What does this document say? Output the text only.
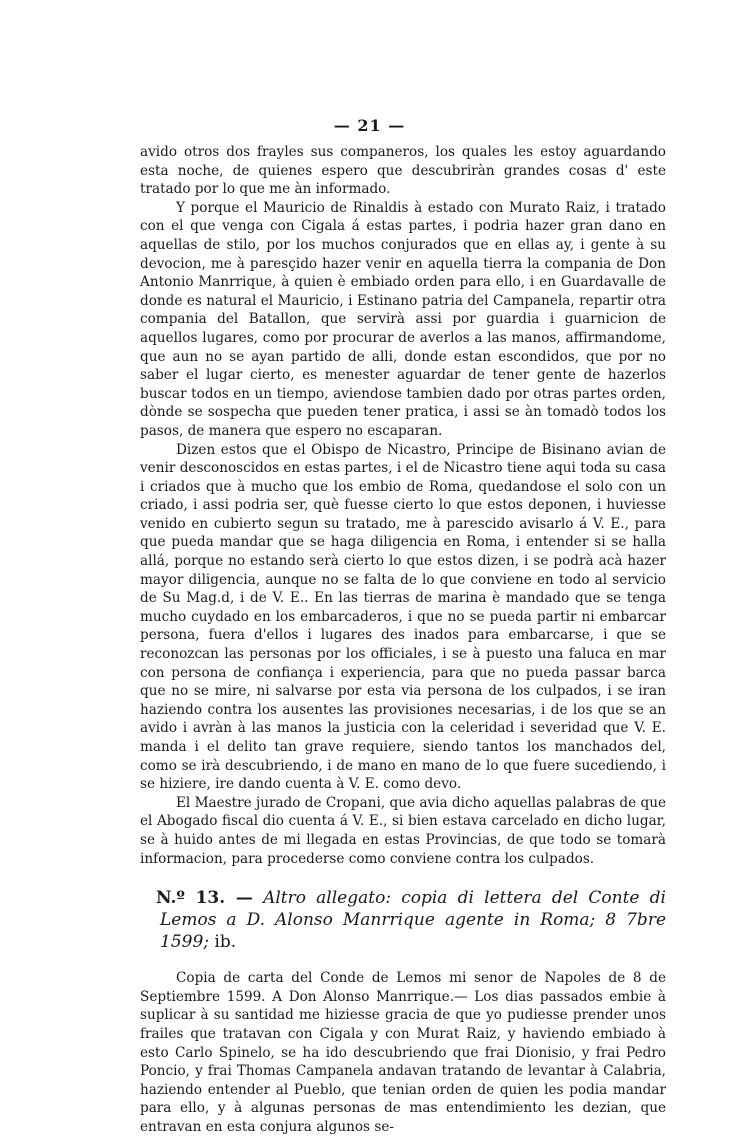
— 21 —

avido otros dos frayles sus companeros, los quales les estoy aguardando esta noche, de quienes espero que descubriràn grandes cosas d' este tratado por lo que me àn informado.

Y porque el Mauricio de Rinaldis à estado con Murato Raiz, i tratado con el que venga con Cigala á estas partes, i podria hazer gran dano en aquellas de stilo, por los muchos conjurados que en ellas ay, i gente à su devocion, me à paresçido hazer venir en aquella tierra la compania de Don Antonio Manrrique, à quien è embiado orden para ello, i en Guardavalle de donde es natural el Mauricio, i Estinano patria del Campanela, repartir otra compania del Batallon, que servirà assi por guardia i guarnicion de aquellos lugares, como por procurar de averlos a las manos, affirmandome, que aun no se ayan partido de alli, donde estan escondidos, que por no saber el lugar cierto, es menester aguardar de tener gente de hazerlos buscar todos en un tiempo, aviendose tambien dado por otras partes orden, dònde se sospecha que pueden tener pratica, i assi se àn tomadò todos los pasos, de manera que espero no escaparan.

Dizen estos que el Obispo de Nicastro, Principe de Bisinano avian de venir desconoscidos en estas partes, i el de Nicastro tiene aqui toda su casa i criados que à mucho que los embio de Roma, quedandose el solo con un criado, i assi podria ser, què fuesse cierto lo que estos deponen, i huviesse venido en cubierto segun su tratado, me à parescido avisarlo á V. E., para que pueda mandar que se haga diligencia en Roma, i entender si se halla allá, porque no estando serà cierto lo que estos dizen, i se podrà acà hazer mayor diligencia, aunque no se falta de lo que conviene en todo al servicio de Su Mag.d, i de V. E.. En las tierras de marina è mandado que se tenga mucho cuydado en los embarcaderos, i que no se pueda partir ni embarcar persona, fuera d'ellos i lugares des inados para embarcarse, i que se reconozcan las personas por los officiales, i se à puesto una faluca en mar con persona de confiança i experiencia, para que no pueda passar barca que no se mire, ni salvarse por esta via persona de los culpados, i se iran haziendo contra los ausentes las provisiones necesarias, i de los que se an avido i avràn à las manos la justicia con la celeridad i severidad que V. E. manda i el delito tan grave requiere, siendo tantos los manchados del, como se irà descubriendo, i de mano en mano de lo que fuere sucediendo, i se hiziere, ire dando cuenta à V. E. como devo.

El Maestre jurado de Cropani, que avia dicho aquellas palabras de que el Abogado fiscal dio cuenta á V. E., si bien estava carcelado en dicho lugar, se à huido antes de mi llegada en estas Provincias, de que todo se tomarà informacion, para procederse como conviene contra los culpados.

N.º 13. — Altro allegato: copia di lettera del Conte di Lemos a D. Alonso Manrrique agente in Roma; 8 7bre 1599; ib.

Copia de carta del Conde de Lemos mi senor de Napoles de 8 de Septiembre 1599. A Don Alonso Manrrique.— Los dias passados embie à suplicar à su santidad me hiziesse gracia de que yo pudiesse prender unos frailes que tratavan con Cigala y con Murat Raiz, y haviendo embiado à esto Carlo Spinelo, se ha ido descubriendo que frai Dionisio, y frai Pedro Poncio, y frai Thomas Campanela andavan tratando de levantar à Calabria, haziendo entender al Pueblo, que tenian orden de quien les podia mandar para ello, y à algunas personas de mas entendimiento les dezian, que entravan en esta conjura algunos se-
